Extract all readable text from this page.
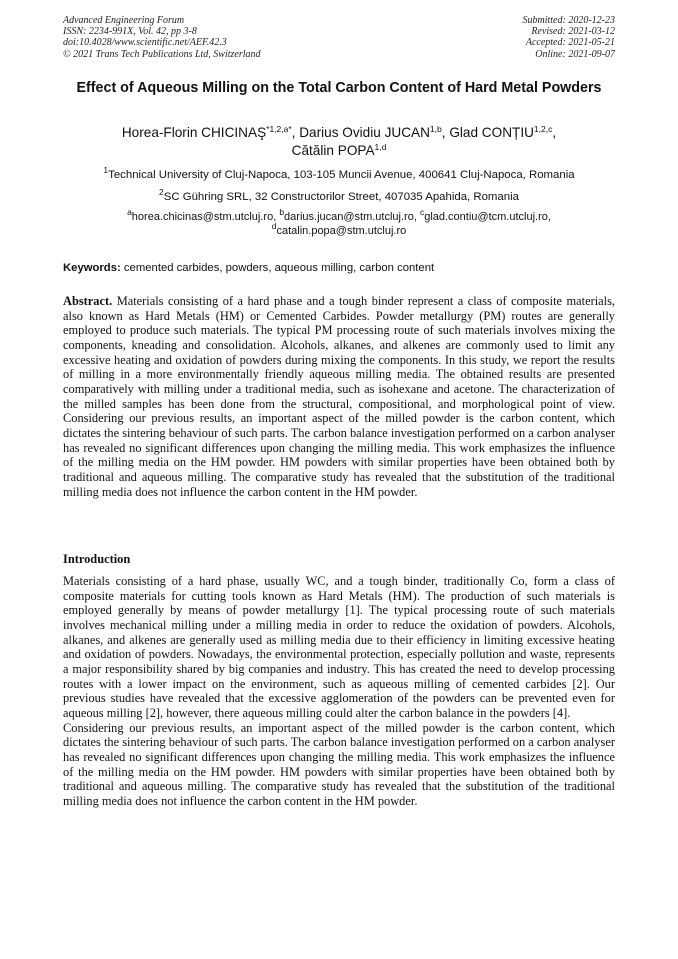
Advanced Engineering Forum
ISSN: 2234-991X, Vol. 42, pp 3-8
doi:10.4028/www.scientific.net/AEF.42.3
© 2021 Trans Tech Publications Ltd, Switzerland
Submitted: 2020-12-23
Revised: 2021-03-12
Accepted: 2021-05-21
Online: 2021-09-07
Effect of Aqueous Milling on the Total Carbon Content of Hard Metal Powders
Horea-Florin $CHICINAŞ^{*1,2,a*}$, Darius Ovidiu JUCAN$^{1,b}$, Glad CONȚIU$^{1,2,c}$,
Cătălin POPA$^{1,d}$
$^1$Technical University of Cluj-Napoca, 103-105 Muncii Avenue, 400641 Cluj-Napoca, Romania
$^2$SC Gühring SRL, 32 Constructorilor Street, 407035 Apahida, Romania
$^a$horea.chicinas@stm.utcluj.ro, $^b$darius.jucan@stm.utcluj.ro, $^c$glad.contiu@tcm.utcluj.ro,
$^d$catalin.popa@stm.utcluj.ro
Keywords: cemented carbides, powders, aqueous milling, carbon content
Abstract. Materials consisting of a hard phase and a tough binder represent a class of composite materials, also known as Hard Metals (HM) or Cemented Carbides. Powder metallurgy (PM) routes are generally employed to produce such materials. The typical PM processing route of such materials involves mixing the components, kneading and consolidation. Alcohols, alkanes, and alkenes are commonly used to limit any excessive heating and oxidation of powders during mixing the components. In this study, we report the results of milling in a more environmentally friendly aqueous milling media. The obtained results are presented comparatively with milling under a traditional media, such as isohexane and acetone. The characterization of the milled samples has been done from the structural, compositional, and morphological point of view. Considering our previous results, an important aspect of the milled powder is the carbon content, which dictates the sintering behaviour of such parts. The carbon balance investigation performed on a carbon analyser has revealed no significant differences upon changing the milling media. This work emphasizes the influence of the milling media on the HM powder. HM powders with similar properties have been obtained both by traditional and aqueous milling. The comparative study has revealed that the substitution of the traditional milling media does not influence the carbon content in the HM powder.
Introduction

Materials consisting of a hard phase, usually WC, and a tough binder, traditionally Co, form a class of composite materials for cutting tools known as Hard Metals (HM). The production of such materials is employed generally by means of powder metallurgy [1]. The typical processing route of such materials involves mechanical milling under a milling media in order to reduce the oxidation of powders. Alcohols, alkanes, and alkenes are generally used as milling media due to their efficiency in limiting excessive heating and oxidation of powders. Nowadays, the environmental protection, especially pollution and waste, represents a major responsibility shared by big companies and industry. This has created the need to develop processing routes with a lower impact on the environment, such as aqueous milling of cemented carbides [2]. Our previous studies have revealed that the excessive agglomeration of the powders can be prevented even for aqueous milling [2], however, there aqueous milling could alter the carbon balance in the powders [4].

Considering our previous results, an important aspect of the milled powder is the carbon content, which dictates the sintering behaviour of such parts. The carbon balance investigation performed on a carbon analyser has revealed no significant differences upon changing the milling media. This work emphasizes the influence of the milling media on the HM powder. HM powders with similar properties have been obtained both by traditional and aqueous milling. The comparative study has revealed that the substitution of the traditional milling media does not influence the carbon content in the HM powder.
